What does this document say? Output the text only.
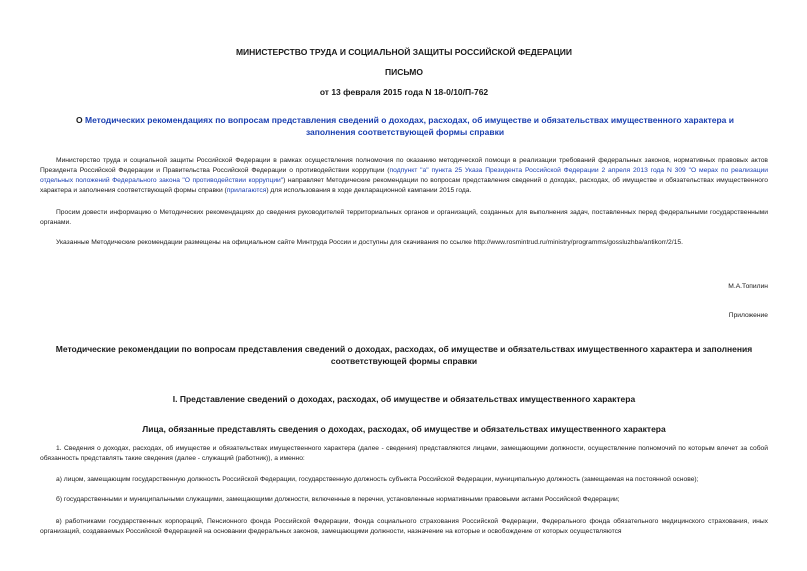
МИНИСТЕРСТВО ТРУДА И СОЦИАЛЬНОЙ ЗАЩИТЫ РОССИЙСКОЙ ФЕДЕРАЦИИ
ПИСЬМО
от 13 февраля 2015 года N 18-0/10/П-762
О Методических рекомендациях по вопросам представления сведений о доходах, расходах, об имуществе и обязательствах имущественного характера и заполнения соответствующей формы справки
Министерство труда и социальной защиты Российской Федерации в рамках осуществления полномочия по оказанию методической помощи в реализации требований федеральных законов, нормативных правовых актов Президента Российской Федерации и Правительства Российской Федерации о противодействии коррупции (подпункт "а" пункта 25 Указа Президента Российской Федерации 2 апреля 2013 года N 309 "О мерах по реализации отдельных положений Федерального закона "О противодействии коррупции") направляет Методические рекомендации по вопросам представления сведений о доходах, расходах, об имуществе и обязательствах имущественного характера и заполнения соответствующей формы справки (прилагаются) для использования в ходе декларационной кампании 2015 года.
Просим довести информацию о Методических рекомендациях до сведения руководителей территориальных органов и организаций, созданных для выполнения задач, поставленных перед федеральными государственными органами.
Указанные Методические рекомендации размещены на официальном сайте Минтруда России и доступны для скачивания по ссылке http://www.rosmintrud.ru/ministry/programms/gossluzhba/antikorr/2/15.
М.А.Топилин
Приложение
Методические рекомендации по вопросам представления сведений о доходах, расходах, об имуществе и обязательствах имущественного характера и заполнения соответствующей формы справки
I. Представление сведений о доходах, расходах, об имуществе и обязательствах имущественного характера
Лица, обязанные представлять сведения о доходах, расходах, об имуществе и обязательствах имущественного характера
1. Сведения о доходах, расходах, об имуществе и обязательствах имущественного характера (далее - сведения) представляются лицами, замещающими должности, осуществление полномочий по которым влечет за собой обязанность представлять такие сведения (далее - служащий (работник)), а именно:
а) лицом, замещающим государственную должность Российской Федерации, государственную должность субъекта Российской Федерации, муниципальную должность (замещаемая на постоянной основе);
б) государственными и муниципальными служащими, замещающими должности, включенные в перечни, установленные нормативными правовыми актами Российской Федерации;
в) работниками государственных корпораций, Пенсионного фонда Российской Федерации, Фонда социального страхования Российской Федерации, Федерального фонда обязательного медицинского страхования, иных организаций, создаваемых Российской Федерацией на основании федеральных законов, замещающими должности, назначение на которые и освобождение от которых осуществляются
